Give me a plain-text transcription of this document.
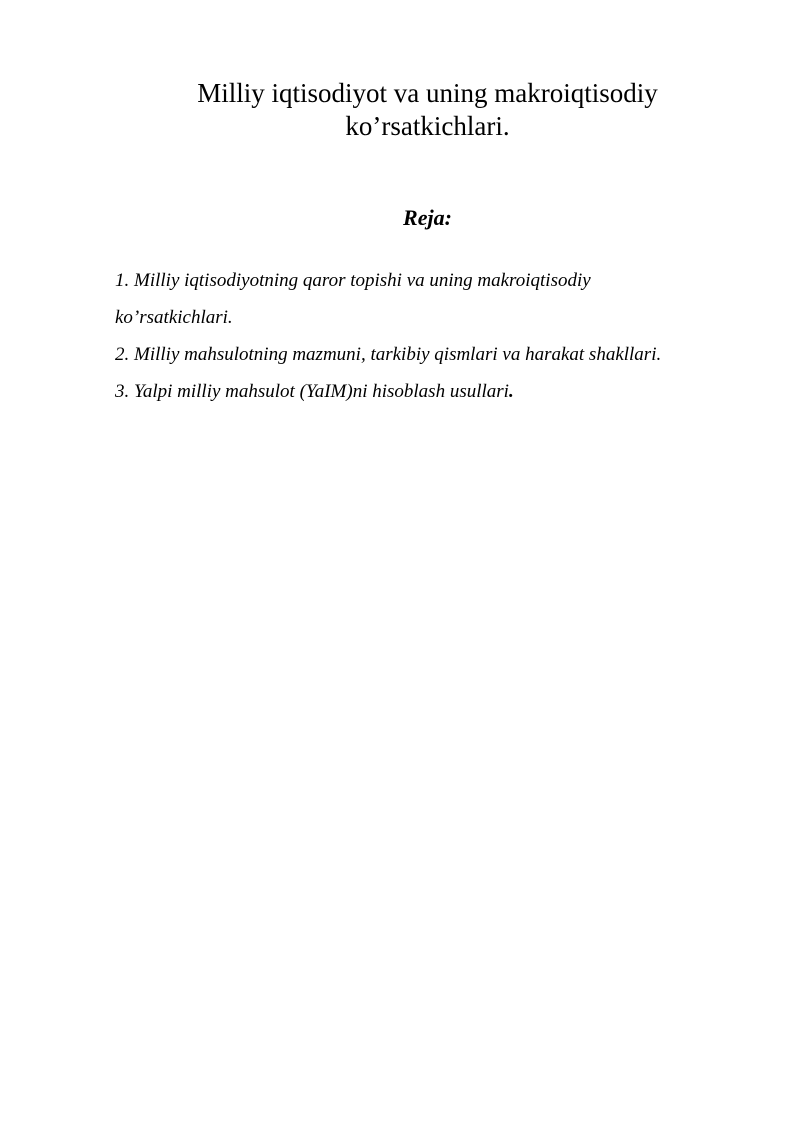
Milliy iqtisodiyot va uning makroiqtisodiy
ko’rsatkichlari.
Reja:
1. Milliy iqtisodiyotning qaror topishi va uning makroiqtisodiy
ko’rsatkichlari.
2. Milliy mahsulotning mazmuni, tarkibiy qismlari va harakat shakllari.
3. Yalpi milliy mahsulot (YaIM)ni hisoblash usullari.
